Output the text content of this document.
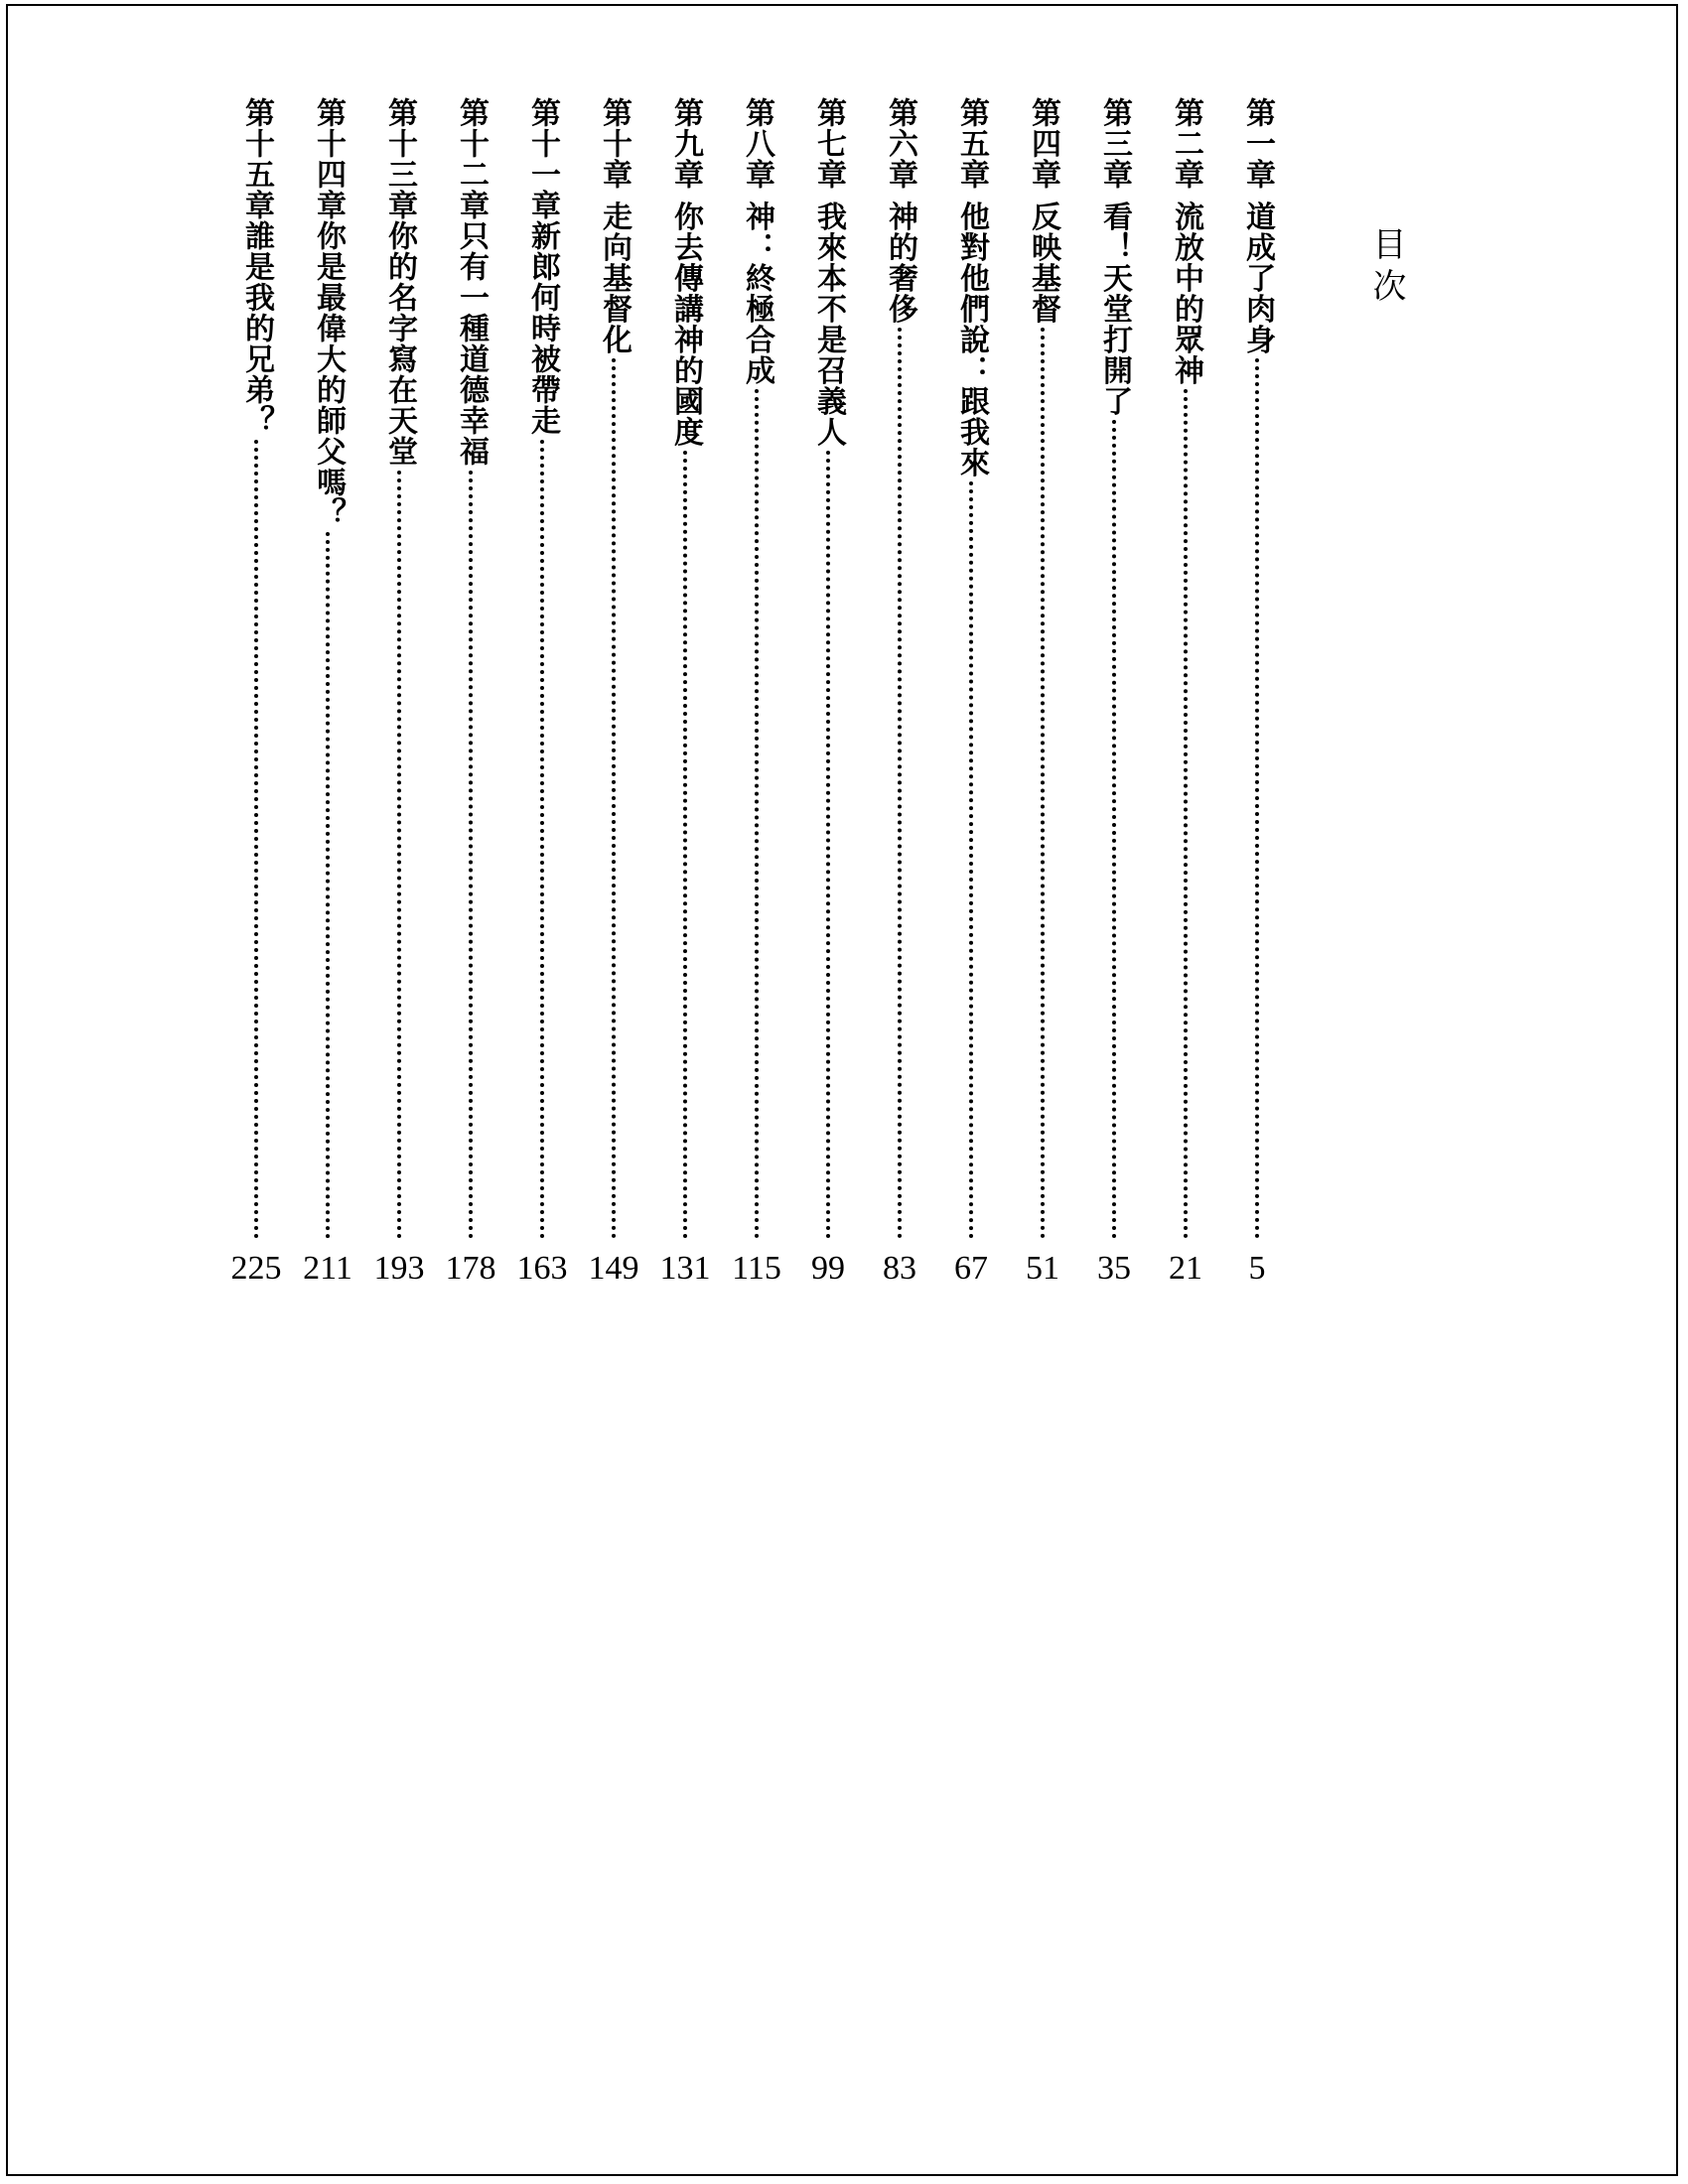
目次
第一章 道成了肉身
5
第二章 流放中的眾神
21
第三章 看！天堂打開了
35
第四章 反映基督
51
第五章 他對他們說：跟我來
67
第六章 神的奢侈
83
第七章 我來本不是召義人
99
第八章 神：終極合成
115
第九章 你去傳講神的國度
131
第十章 走向基督化
149
第十一章新郎何時被帶走
163
第十二章只有一種道德幸福
178
第十三章你的名字寫在天堂
193
第十四章你是最偉大的師父嗎？
211
第十五章誰是我的兄弟？
225
